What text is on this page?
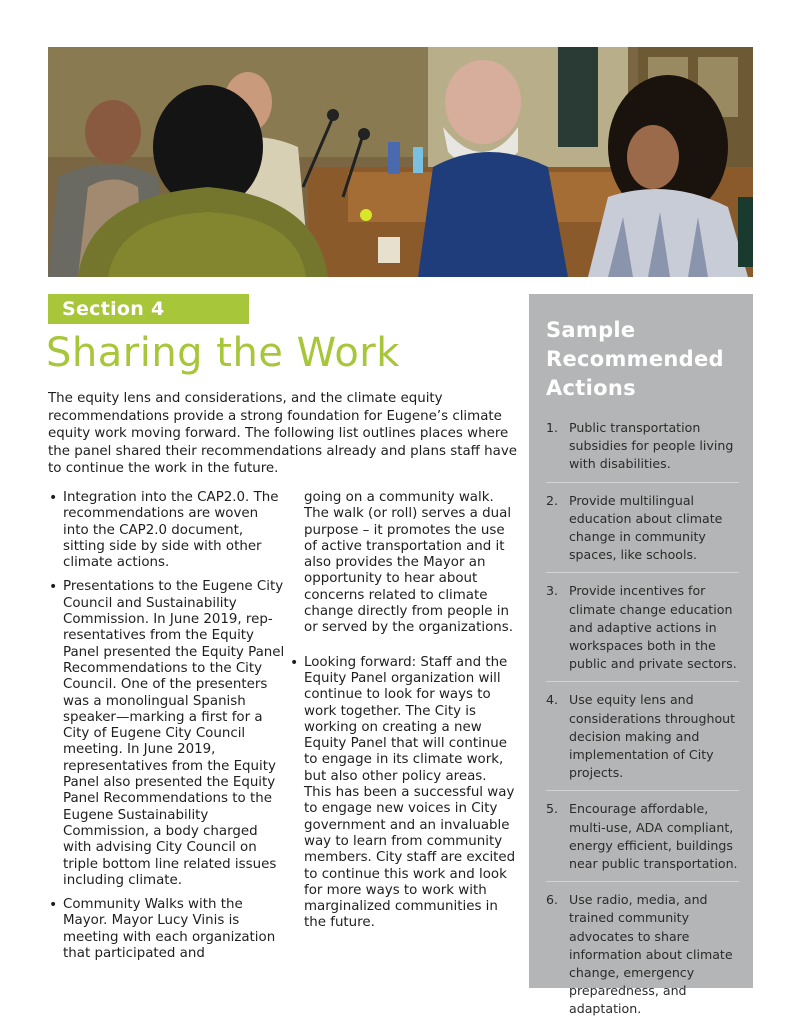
Section 4
Sharing the Work

The equity lens and considerations, and the climate equity recommendations provide a strong foundation for Eugene’s climate equity work moving forward. The following list outlines places where the panel shared their recommendations already and plans staff have to continue the work in the future.

• Integration into the CAP2.0. The recommendations are woven into the CAP2.0 document, sitting side by side with other climate actions.
• Presentations to the Eugene City Council and Sustainability Commission. In June 2019, representatives from the Equity Panel presented the Equity Panel Recommendations to the City Council. One of the presenters was a monolingual Spanish speaker—marking a first for a City of Eugene City Council meeting. In June 2019, representatives from the Equity Panel also presented the Equity Panel Recommendations to the Eugene Sustainability Commission, a body charged with advising City Council on triple bottom line related issues including climate.
• Community Walks with the Mayor. Mayor Lucy Vinis is meeting with each organization that participated and
going on a community walk. The walk (or roll) serves a dual purpose – it promotes the use of active transportation and it also provides the Mayor an opportunity to hear about concerns related to climate change directly from people in or served by the organizations.
• Looking forward: Staff and the Equity Panel organization will continue to look for ways to work together. The City is working on creating a new Equity Panel that will continue to engage in its climate work, but also other policy areas. This has been a successful way to engage new voices in City government and an invaluable way to learn from community members. City staff are excited to continue this work and look for more ways to work with marginalized communities in the future.
Sample Recommended Actions
1. Public transportation subsidies for people living with disabilities.
2. Provide multilingual education about climate change in community spaces, like schools.
3. Provide incentives for climate change education and adaptive actions in workspaces both in the public and private sectors.
4. Use equity lens and considerations throughout decision making and implementation of City projects.
5. Encourage affordable, multi-use, ADA compliant, energy efficient, buildings near public transportation.
6. Use radio, media, and trained community advocates to share information about climate change, emergency preparedness, and adaptation.
